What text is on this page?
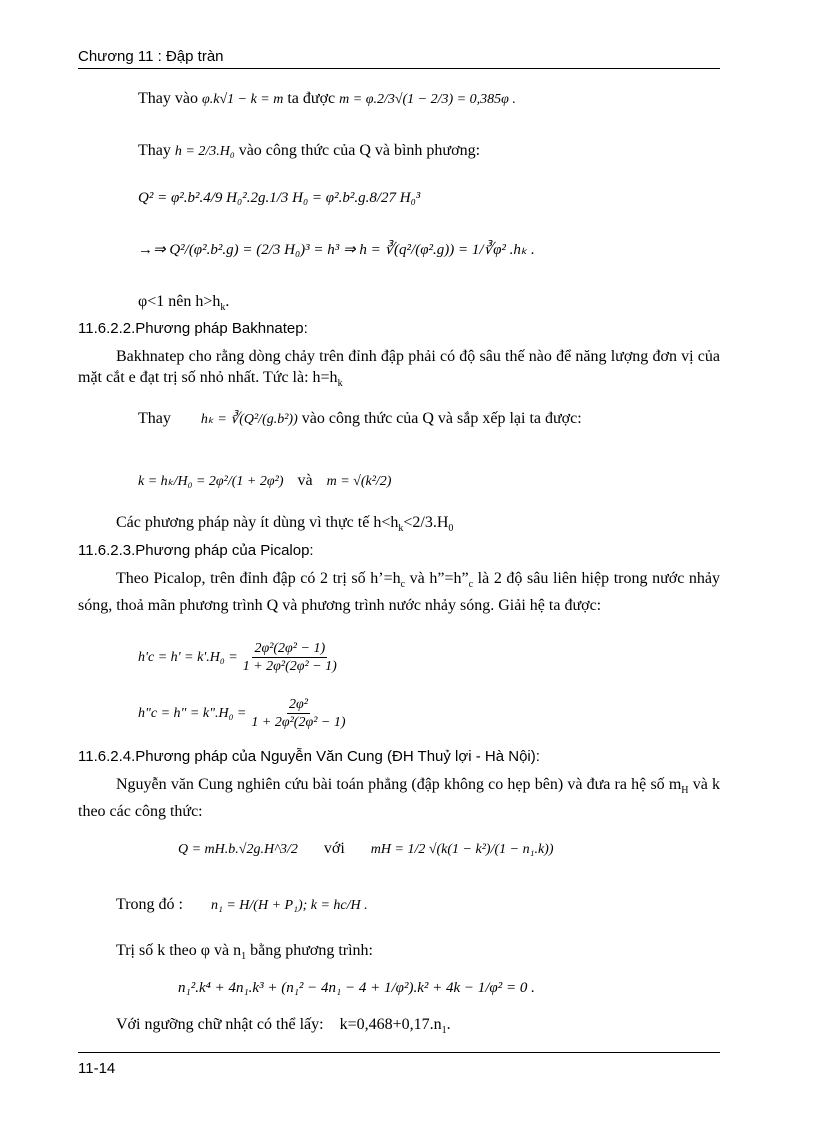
Chương 11 : Đập tràn
Thay vào φ.k√1 − k = m ta được m = φ.2/3√(1 − 2/3) = 0,385φ .
Thay h = 2/3.H₀ vào công thức của Q và bình phương:
Q² = φ².b².4/9 H₀².2g.1/3 H₀ = φ².b².g.8/27 H₀³
→⇒ Q²/(φ².b².g) = (2/3 H₀)³ = h³ ⇒ h = ∛(q²/(φ².g)) = 1/∛φ² .hₖ .
φ<1 nên $h>h_k$.
11.6.2.2.Phương pháp Bakhnatep:
Bakhnatep cho rằng dòng chảy trên đỉnh đập phải có độ sâu thế nào để năng lượng đơn vị của mặt cắt e đạt trị số nhỏ nhất. Tức là: $h=h_k$
Thay hₖ = ∛(Q²/(g.b²)) vào công thức của Q và sắp xếp lại ta được:
k = hₖ/H₀ = 2φ²/(1 + 2φ²) và m = √(k²/2)
Các phương pháp này ít dùng vì thực tế $h<h_k<2/3.H_0$
11.6.2.3.Phương pháp của Picalop:
Theo Picalop, trên đỉnh đập có 2 trị số $h’=h_c$ và $h”=h”_c$ là 2 độ sâu liên hiệp trong nước nhảy sóng, thoả mãn phương trình Q và phương trình nước nhảy sóng. Giải hệ ta được:
$h'c = h' = k'.H_0 = \frac{\text{2φ²(2φ² − 1)}}{\text{1 + 2φ²(2φ² − 1)}}$
h"c = h" = k".H₀ = $\frac{\text{2φ²}}{\text{1 + 2φ²(2φ² − 1)}}$
11.6.2.4.Phương pháp của Nguyễn Văn Cung (ĐH Thuỷ lợi - Hà Nội):
Nguyễn văn Cung nghiên cứu bài toán phẳng (đập không co hẹp bên) và đưa ra hệ số $m_H$ và k theo các công thức:
Q = mH.b.√2g.H^3/2 với mH = 1/2 √(k(1 − k²)/(1 − n₁.k))
Trong đó : n₁ = H/(H + P₁); k = hc/H .
Trị số k theo φ và $n_1$ bằng phương trình:
n₁².k⁴ + 4n₁.k³ + (n₁² − 4n₁ − 4 + 1/φ²).k² + 4k − 1/φ² = 0 .
Với ngưỡng chữ nhật có thể lấy: $k=0,468+0,17.n_1$.
11-14
